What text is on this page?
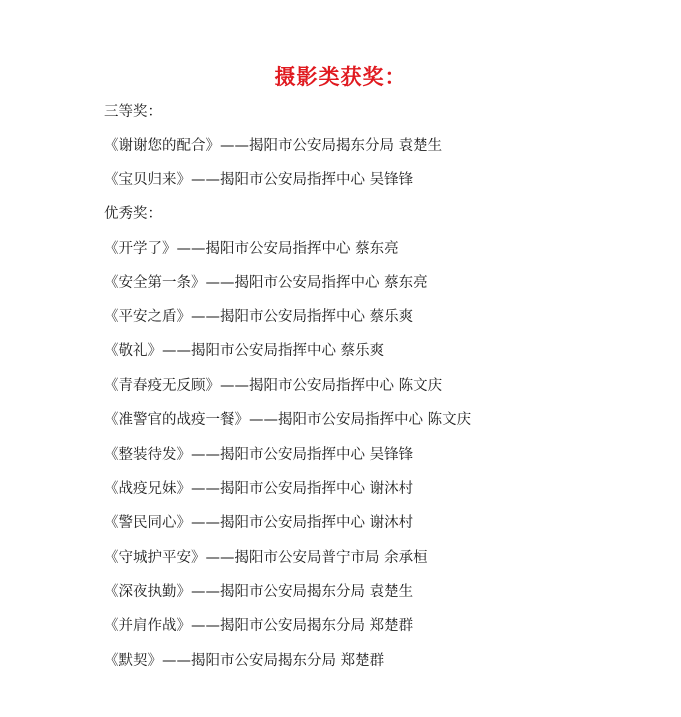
摄影类获奖：
三等奖：
《谢谢您的配合》——揭阳市公安局揭东分局 袁楚生
《宝贝归来》——揭阳市公安局指挥中心 吴锋锋
优秀奖：
《开学了》——揭阳市公安局指挥中心 蔡东亮
《安全第一条》——揭阳市公安局指挥中心 蔡东亮
《平安之盾》——揭阳市公安局指挥中心 蔡乐爽
《敬礼》——揭阳市公安局指挥中心 蔡乐爽
《青春疫无反顾》——揭阳市公安局指挥中心 陈文庆
《准警官的战疫一餐》——揭阳市公安局指挥中心 陈文庆
《整装待发》——揭阳市公安局指挥中心 吴锋锋
《战疫兄妹》——揭阳市公安局指挥中心 谢沐村
《警民同心》——揭阳市公安局指挥中心 谢沐村
《守城护平安》——揭阳市公安局普宁市局 余承桓
《深夜执勤》——揭阳市公安局揭东分局 袁楚生
《并肩作战》——揭阳市公安局揭东分局 郑楚群
《默契》——揭阳市公安局揭东分局 郑楚群
